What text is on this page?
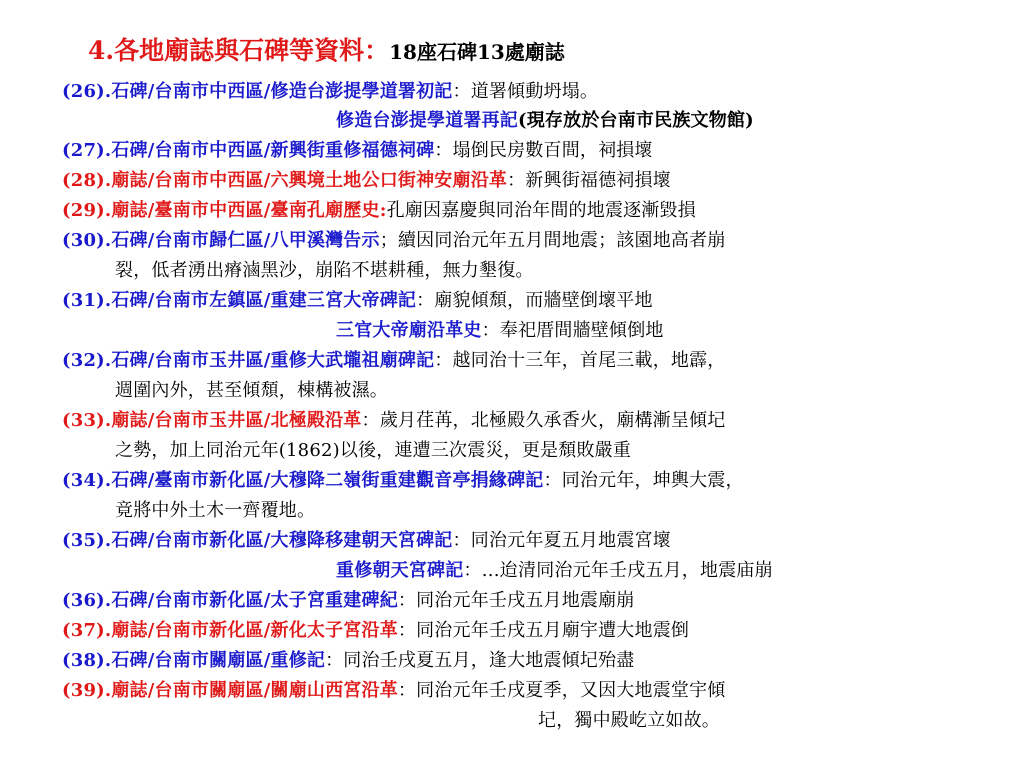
4.各地廟誌與石碑等資料：18座石碑13處廟誌
(26).石碑/台南市中西區/修造台澎提學道署初記：道署傾動坍塌。
修造台澎提學道署再記(現存放於台南市民族文物館)
(27).石碑/台南市中西區/新興街重修福德祠碑：塌倒民房數百間，祠損壞
(28).廟誌/台南市中西區/六興境土地公口街神安廟沿革：新興街福德祠損壞
(29).廟誌/臺南市中西區/臺南孔廟歷史:孔廟因嘉慶與同治年間的地震逐漸毀損
(30).石碑/台南市歸仁區/八甲溪灣告示；續因同治元年五月間地震；該園地高者崩
裂，低者湧出瘠滷黑沙，崩陷不堪耕種，無力墾復。
(31).石碑/台南市左鎮區/重建三宮大帝碑記：廟貌傾頹，而牆壁倒壞平地
三官大帝廟沿革史：奉祀厝間牆壁傾倒地
(32).石碑/台南市玉井區/重修大武壠祖廟碑記：越同治十三年，首尾三載，地霹，
週圍內外，甚至傾頹，棟構被濕。
(33).廟誌/台南市玉井區/北極殿沿革：歲月荏苒，北極殿久承香火，廟構漸呈傾圮
之勢，加上同治元年(1862)以後，連遭三次震災，更是頹敗嚴重
(34).石碑/臺南市新化區/大穆降二嶺街重建觀音亭捐緣碑記：同治元年，坤輿大震，
竟將中外土木一齊覆地。
(35).石碑/台南市新化區/大穆降移建朝天宮碑記：同治元年夏五月地震宮壞
重修朝天宮碑記：…迨清同治元年壬戌五月，地震庙崩
(36).石碑/台南市新化區/太子宮重建碑紀：同治元年壬戌五月地震廟崩
(37).廟誌/台南市新化區/新化太子宮沿革：同治元年壬戌五月廟宇遭大地震倒
(38).石碑/台南市關廟區/重修記：同治壬戌夏五月，逢大地震傾圮殆盡
(39).廟誌/台南市關廟區/關廟山西宮沿革：同治元年壬戌夏季，又因大地震堂宇傾
圮，獨中殿屹立如故。
